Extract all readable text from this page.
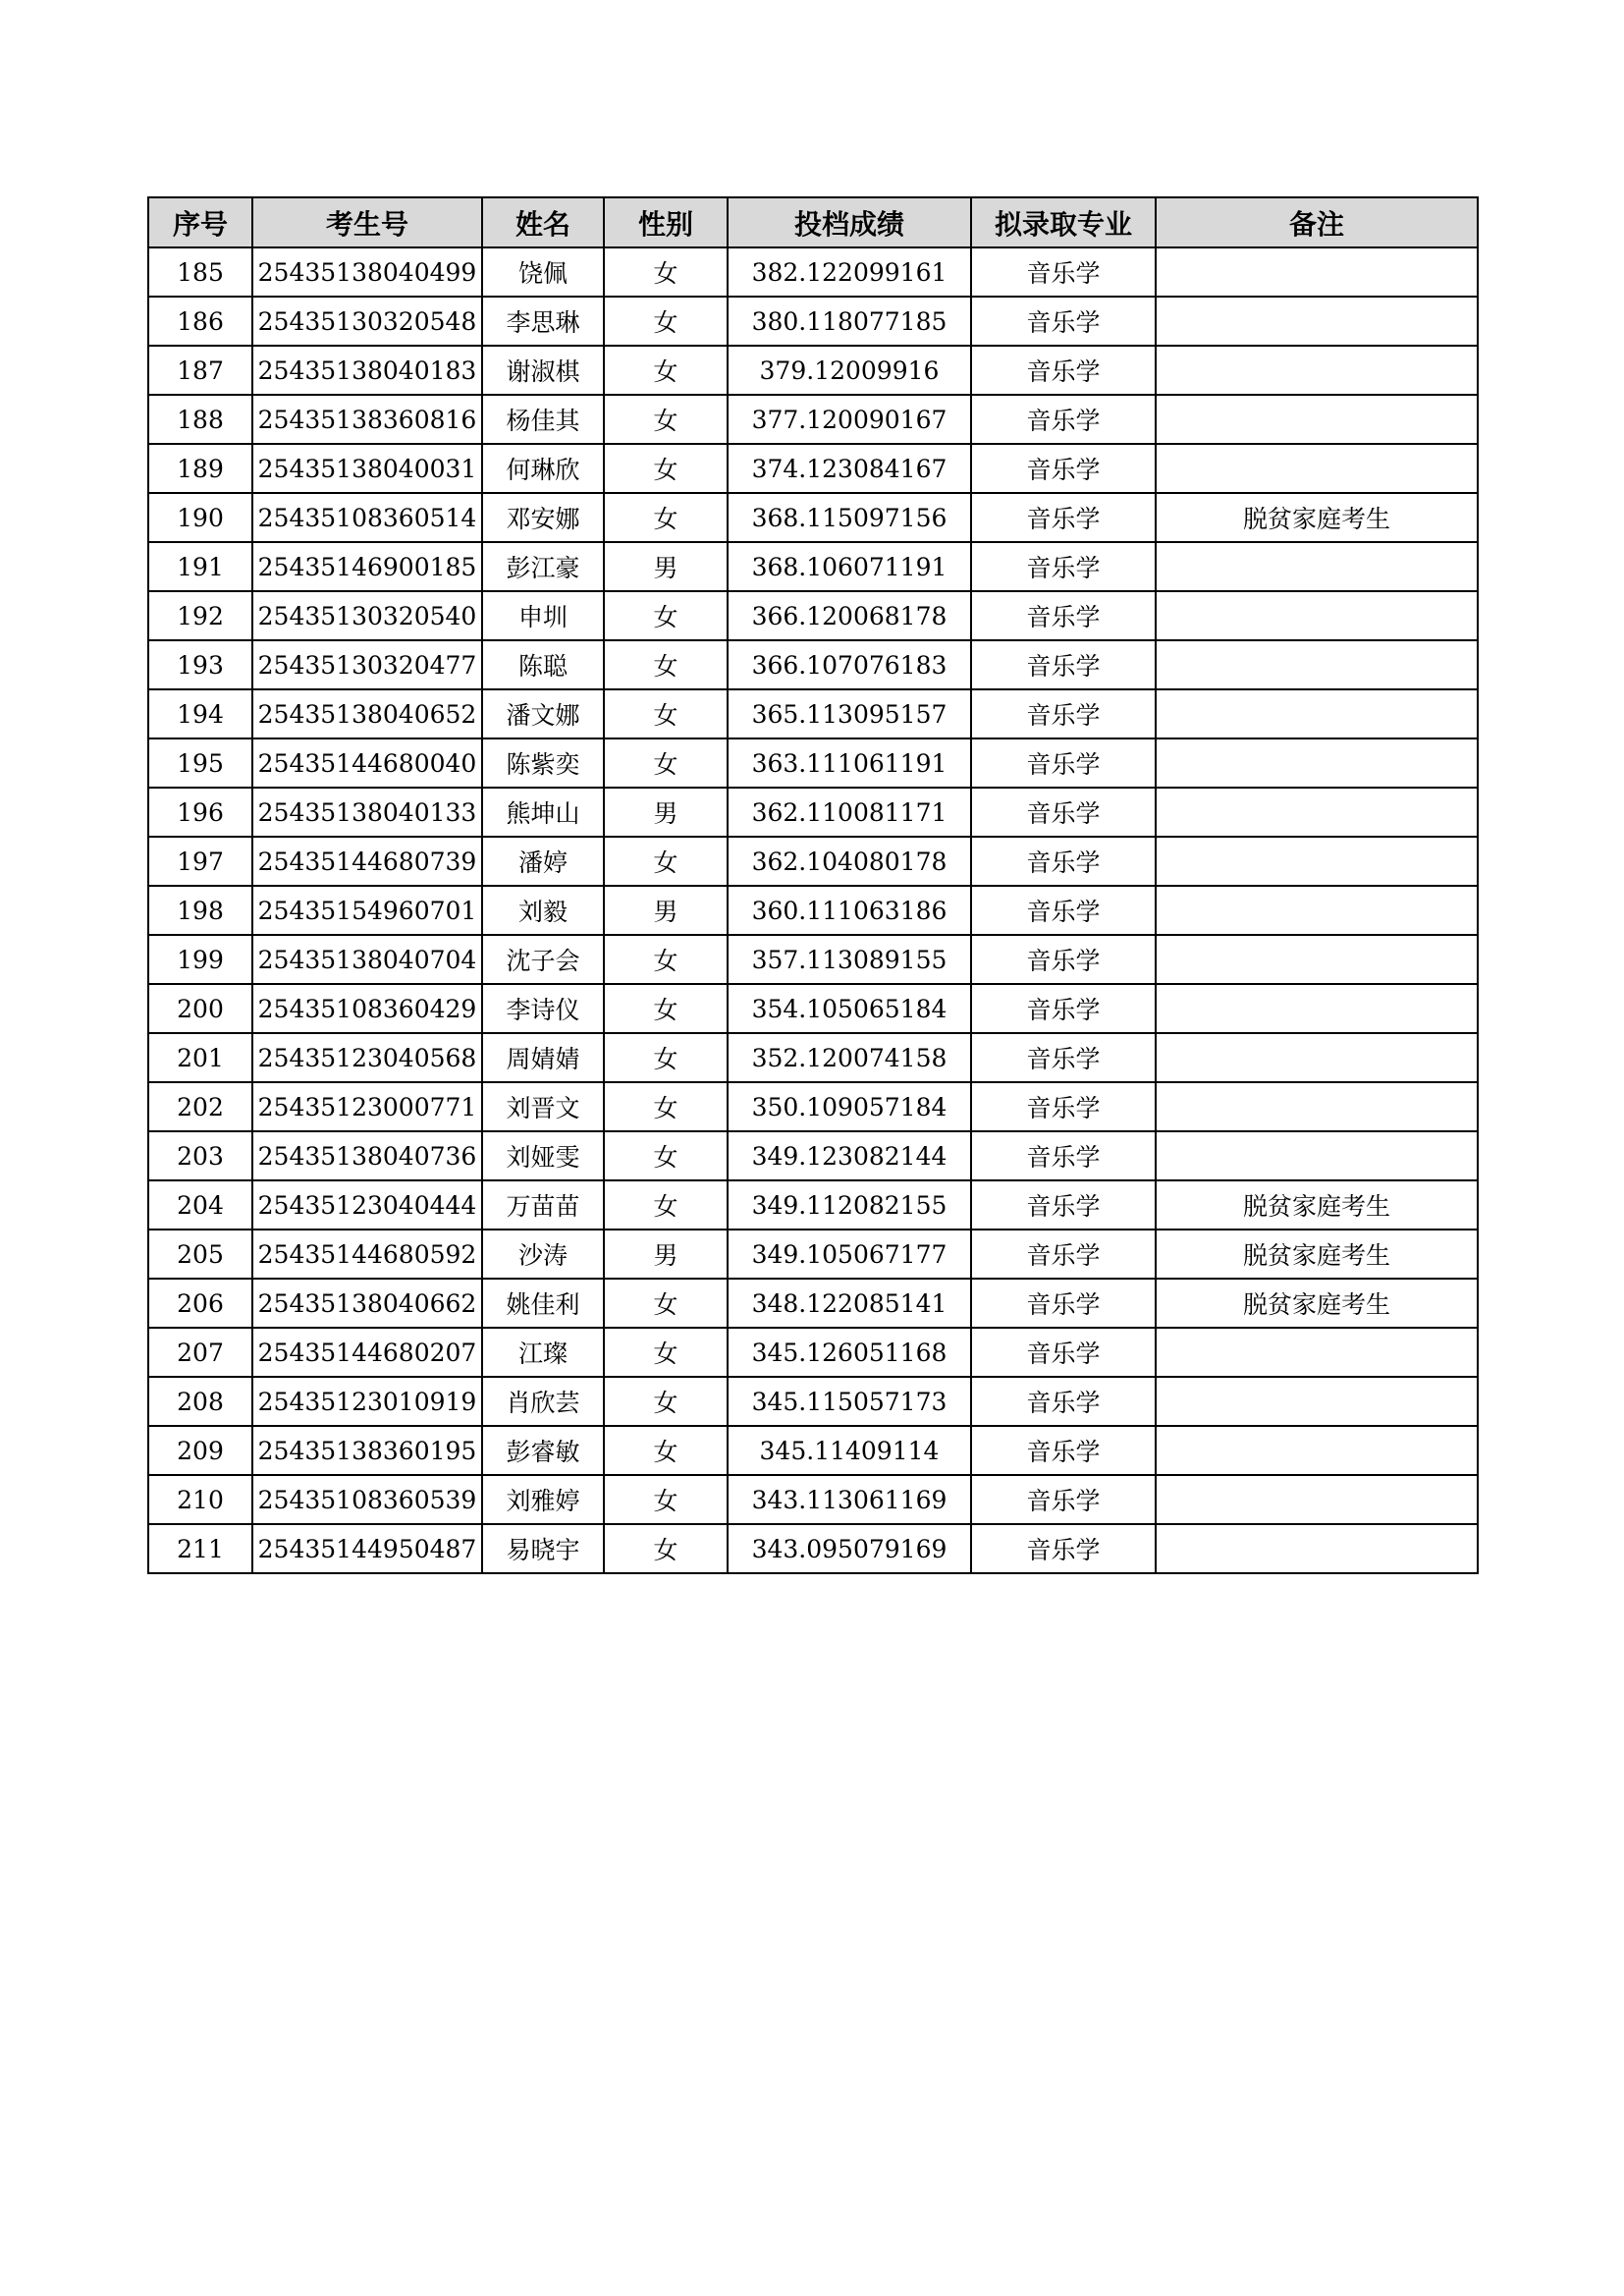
序号	考生号	姓名	性别	投档成绩	拟录取专业	备注
185	25435138040499	饶佩	女	382.122099161	音乐学	
186	25435130320548	李思琳	女	380.118077185	音乐学	
187	25435138040183	谢淑棋	女	379.12009916	音乐学	
188	25435138360816	杨佳其	女	377.120090167	音乐学	
189	25435138040031	何琳欣	女	374.123084167	音乐学	
190	25435108360514	邓安娜	女	368.115097156	音乐学	脱贫家庭考生
191	25435146900185	彭江豪	男	368.106071191	音乐学	
192	25435130320540	申圳	女	366.120068178	音乐学	
193	25435130320477	陈聪	女	366.107076183	音乐学	
194	25435138040652	潘文娜	女	365.113095157	音乐学	
195	25435144680040	陈紫奕	女	363.111061191	音乐学	
196	25435138040133	熊坤山	男	362.110081171	音乐学	
197	25435144680739	潘婷	女	362.104080178	音乐学	
198	25435154960701	刘毅	男	360.111063186	音乐学	
199	25435138040704	沈子会	女	357.113089155	音乐学	
200	25435108360429	李诗仪	女	354.105065184	音乐学	
201	25435123040568	周婧婧	女	352.120074158	音乐学	
202	25435123000771	刘晋文	女	350.109057184	音乐学	
203	25435138040736	刘娅雯	女	349.123082144	音乐学	
204	25435123040444	万苗苗	女	349.112082155	音乐学	脱贫家庭考生
205	25435144680592	沙涛	男	349.105067177	音乐学	脱贫家庭考生
206	25435138040662	姚佳利	女	348.122085141	音乐学	脱贫家庭考生
207	25435144680207	江璨	女	345.126051168	音乐学	
208	25435123010919	肖欣芸	女	345.115057173	音乐学	
209	25435138360195	彭睿敏	女	345.11409114	音乐学	
210	25435108360539	刘雅婷	女	343.113061169	音乐学	
211	25435144950487	易晓宇	女	343.095079169	音乐学	
